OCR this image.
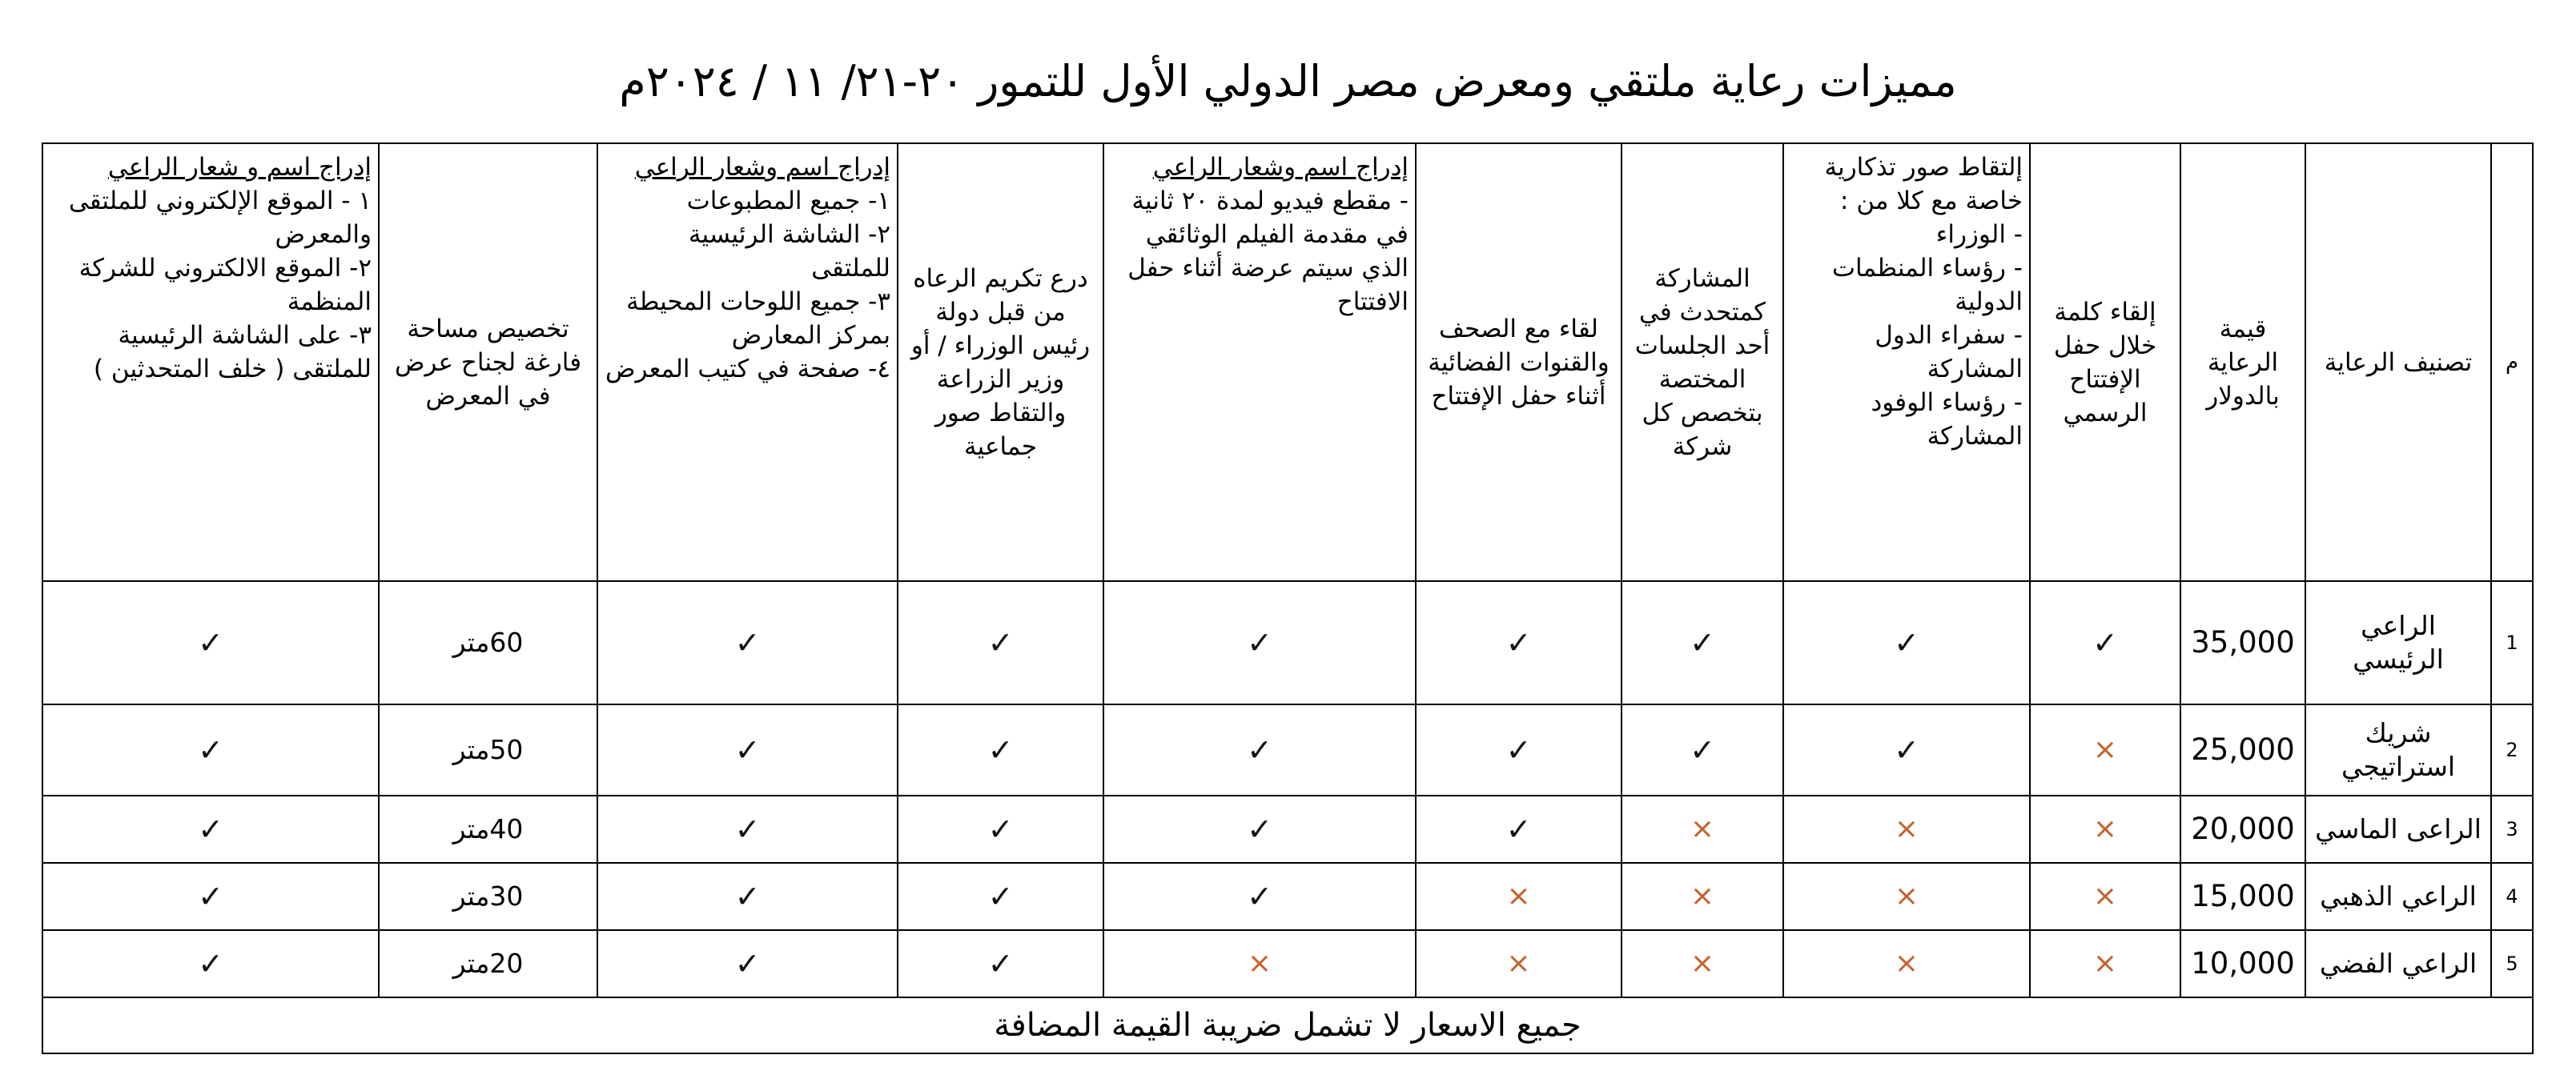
مميزات رعاية ملتقي ومعرض مصر الدولي الأول للتمور ٢٠-٢١/ ١١ / ٢٠٢٤م
م	تصنيف الرعاية	قيمة الرعاية بالدولار	إلقاء كلمة خلال حفل الإفتتاح الرسمي	إلتقاط صور تذكارية خاصة مع كلا من :
- الوزراء
- رؤساء المنظمات الدولية
- سفراء الدول المشاركة
- رؤساء الوفود المشاركة	المشاركة كمتحدث في أحد الجلسات المختصة بتخصص كل شركة	لقاء مع الصحف والقنوات الفضائية أثناء حفل الإفتتاح	إدراج اسم وشعار الراعي
- مقطع فيديو لمدة ٢٠ ثانية في مقدمة الفيلم الوثائقي الذي سيتم عرضة أثناء حفل الافتتاح	درع تكريم الرعاه من قبل دولة رئيس الوزراء / أو وزير الزراعة والتقاط صور جماعية	إدراج اسم وشعار الراعي
١- جميع المطبوعات
٢- الشاشة الرئيسية للملتقى
٣- جميع اللوحات المحيطة بمركز المعارض
٤- صفحة في كتيب المعرض	تخصيص مساحة فارغة لجناح عرض في المعرض	إدراج اسم و شعار الراعي
١ - الموقع الإلكتروني للملتقى والمعرض
٢- الموقع الالكتروني للشركة المنظمة
٣- على الشاشة الرئيسية للملتقى ( خلف المتحدثين )

1	الراعي الرئيسي	35,000	✓	✓	✓	✓	✓	✓	✓	60متر	✓
2	شريك استراتيجي	25,000	×	✓	✓	✓	✓	✓	✓	50متر	✓
3	الراعى الماسي	20,000	×	×	×	✓	✓	✓	✓	40متر	✓
4	الراعي الذهبي	15,000	×	×	×	×	✓	✓	✓	30متر	✓
5	الراعي الفضي	10,000	×	×	×	×	×	✓	✓	20متر	✓
جميع الاسعار لا تشمل ضريبة القيمة المضافة											
